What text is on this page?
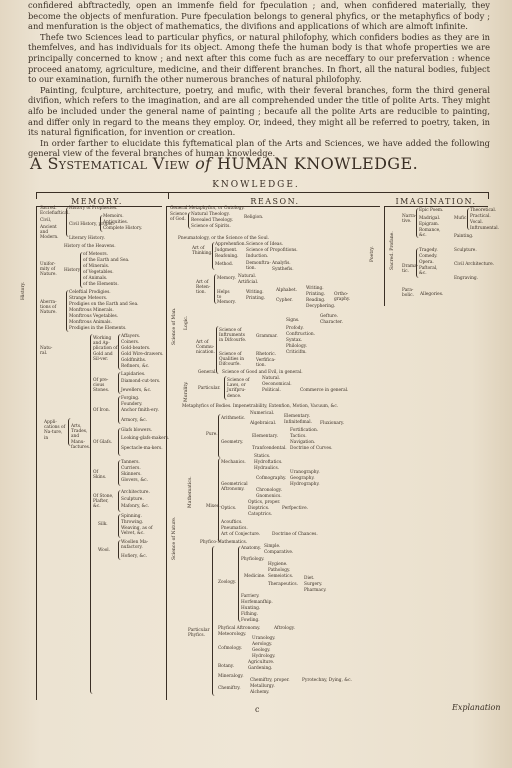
confidered abftractedly, open an immenfe field for fpeculation ; and, when confidered materially, they become the objects of menfuration. Pure fpeculation belongs to general phyfics, or the metaphyfics of body ; and menfuration is the object of mathematics, the divifions and applications of which are almoft infinite.

Thefe two Sciences lead to particular phyfics, or natural philofophy, which confiders bodies as they are in themfelves, and has individuals for its object. Among thefe the human body is that whofe properties we are principally concerned to know ; and next after this come fuch as are neceffary to our prefervation : whence proceed anatomy, agriculture, medicine, and their different branches. In fhort, all the natural bodies, fubject to our examination, furnifh the other numerous branches of natural philofophy.

Painting, fculpture, architecture, poetry, and mufic, with their feveral branches, form the third general divifion, which refers to the imagination, and are all comprehended under the title of polite Arts. They might alfo be included under the general name of painting ; becaufe all the polite Arts are reducible to painting, and differ only in regard to the means they employ. Or, indeed, they might all be referred to poetry, taken, in its natural fignification, for invention or creation.

In order farther to elucidate this fyftematical plan of the Arts and Sciences, we have added the following general view of the feveral branches of human knowledge.

A Systematical View of HUMAN KNOWLEDGE.
KNOWLEDGE.
MEMORY.	REASON.	IMAGINATION.
History.
Sacred.
Ecclefiaftical.
Civil,
Ancient and Modern.
History of Prophecies.
Civil History, proper.
Literary History.
Memoirs.
Antiquities.
Complete History.
Unifor-mity of Nature.
History of the Heavens.
History
of Meteors.
of the Earth and Sea.
of Minerals.
of Vegetables.
of Animals.
of the Elements.
Aberra-tions of Nature.
Celeftial Prodigies.
Strange Meteors.
Prodigies on the Earth and Sea.
Monftrous Minerals.
Monftrous Vegetables.
Monftrous Animals.
Prodigies in the Elements.
Natu-ral.
Appli-cations of Na-ture, in
Arts, Trades, and Manu-factures.
Working and Ap-plication of Gold and Sil-ver.
Affayers.
Coiners.
Gold-beaters.
Gold Wire-drawers.
Goldfmiths.
Refiners, &c.
Of pre-cious Stones.
Lapidaries.
Diamond-cut-ters.
Jewellers, &c.
Of Iron.
Forging.
Foundery.
Anchor fmith-ery.
Armory, &c.
Of Glafs.
Glafs blowers.
Looking-glafs-makers.
Spectacle-ma-kers.
Of Skins.
Tanners.
Curriers.
Skinners.
Glovers, &c.
Of Stone, Plafter, &c.
Architecture.
Sculpture.
Mafonry, &c.
Silk.
Spinning.
Throwing.
Weaving, as of Velvet, &c.
Wool.
Woollen Ma-nufactory.
Hofiery, &c.
General Metaphyfics, or Ontology.
Science of God.
Natural Theology.
Revealed Theology.
Science of Spirits.
Religion.
Pneumatology, or the Science of the Soul.
Science of Man. Logic.
Art of Thinking.
Apprehenfion.
Judgment.
Reafoning.
Method.
Science of Ideas.
Science of Propofitions.
Induction.
Demonftra-tion.
Analyfis.
Synthefis.
Art of Reten-tion.
Memory. Natural.
Artificial.
Helps to Memory.
Writing.
Printing.
Alphabet.
Cypher.
Writing.
Printing.
Reading.
Decyphering.
Ortho-graphy.
Signs.
Gefture.
Character.
Profody.
Conftruction.
Syntax.
Philology.
Criticifm.
Art of Commu-nication.
Science of Inftruments in Difcourfe.
Grammar.
Science of Qualities in Difcourfe.
Rhetoric.
Verfifica-tion.
Morality.
General. Science of Good and Evil, in general.
Particular.
Science of Laws, or Jurifpru-dence.
Natural.
Oeconomical.
Political.	Commerce in general.
Science of Nature.
Metaphyfics of Bodies. Impenetrability, Extenfion, Motion, Vacuum, &c.
Mathematics.
Pure.
Arithmetic.
Numerical.
Algebraical.
Elementary.
Infinitefimal. Fluxionary.
Geometry.
Elementary.
Tranfcendental.
Fortification.
Tactics.
Navigation.
Doctrine of Curves.
Mixed.
Mechanics.
Statics.
Hydroftatics.
Hydraulics.
Geometrical Aftronomy.
Cofmography.
Uranography.
Geography.
Hydrography.
Chronology.
Gnomonics.
Optics.
Optics, proper.
Dioptrics.	Perfpective.
Catoptrics.
Acouftics.
Pneumatics.
Art of Conjecture.	Doctrine of Chances.
Phyfico-Mathematics.
Particular Phyfics.
Zoology.
Anatomy. Simple.
Comparative.
Phyfiology.
Medicine.
Hygiene.
Pathology.
Semeiotics.
Therapeutics.
Diet.
Surgery.
Pharmacy.
Farriery.
Horfemanfhip.
Hunting.
Fifhing.
Fowling.
Phyfical Aftronomy.	Aftrology.
Meteorology.
Cofmology.
Uranology.
Aerology.
Geology.
Hydrology.
Botany.
Agriculture.
Gardening.
Mineralogy.
Chemiftry.
Chemiftry, proper.
Metallurgy.
Alchemy.
Pyrotechny, Dying, &c.
Poetry.	Sacred. Profane.
Narra-tive.
Epic Poem.
Madrigal.
Epigram.
Romance, &c.
Mufic.
Theoretical.
Practical.
Vocal.
Inftrumental.
Painting.
Sculpture.
Civil Architecture.
Engraving.
Drama-tic.
Tragedy.
Comedy.
Opera.
Paftoral, &c.
Para-bolic.	Allegories.
c	Explanation
